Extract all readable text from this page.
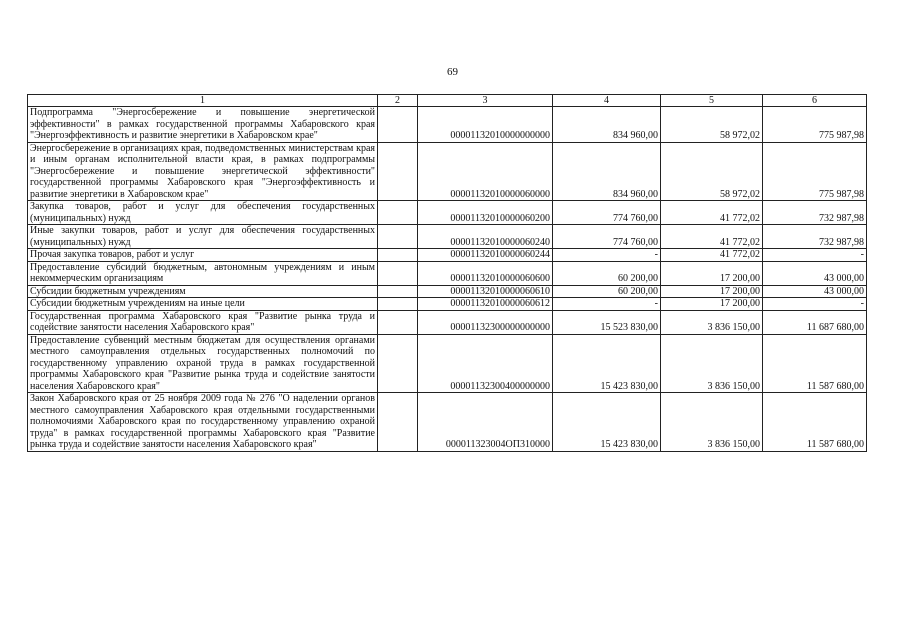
69
1	2	3	4	5	6
Подпрограмма "Энергосбережение и повышение энергетической эффективности" в рамках государственной программы Хабаровского края "Энергоэффективность и развитие энергетики в Хабаровском крае"		00001132010000000000	834 960,00	58 972,02	775 987,98
Энергосбережение в организациях края, подведомственных министерствам края и иным органам исполнительной власти края, в рамках подпрограммы "Энергосбережение и повышение энергетической эффективности" государственной программы Хабаровского края "Энергоэффективность и развитие энергетики в Хабаровском крае"		00001132010000060000	834 960,00	58 972,02	775 987,98
Закупка товаров, работ и услуг для обеспечения государственных (муниципальных) нужд		00001132010000060200	774 760,00	41 772,02	732 987,98
Иные закупки товаров, работ и услуг для обеспечения государственных (муниципальных) нужд		00001132010000060240	774 760,00	41 772,02	732 987,98
Прочая закупка товаров, работ и услуг		00001132010000060244	-	41 772,02	-
Предоставление субсидий бюджетным, автономным учреждениям и иным некоммерческим организациям		00001132010000060600	60 200,00	17 200,00	43 000,00
Субсидии бюджетным учреждениям		00001132010000060610	60 200,00	17 200,00	43 000,00
Субсидии бюджетным учреждениям на иные цели		00001132010000060612	-	17 200,00	-
Государственная программа Хабаровского края "Развитие рынка труда и содействие занятости населения Хабаровского края"		00001132300000000000	15 523 830,00	3 836 150,00	11 687 680,00
Предоставление субвенций местным бюджетам для осуществления органами местного самоуправления отдельных государственных полномочий по государственному управлению охраной труда в рамках государственной программы Хабаровского края "Развитие рынка труда и содействие занятости населения Хабаровского края"		00001132300400000000	15 423 830,00	3 836 150,00	11 587 680,00
Закон Хабаровского края от 25 ноября 2009 года № 276 "О наделении органов местного самоуправления Хабаровского края отдельными государственными полномочиями Хабаровского края по государственному управлению охраной труда" в рамках государственной программы Хабаровского края "Развитие рынка труда и содействие занятости населения Хабаровского края"		000011323004ОП310000	15 423 830,00	3 836 150,00	11 587 680,00
